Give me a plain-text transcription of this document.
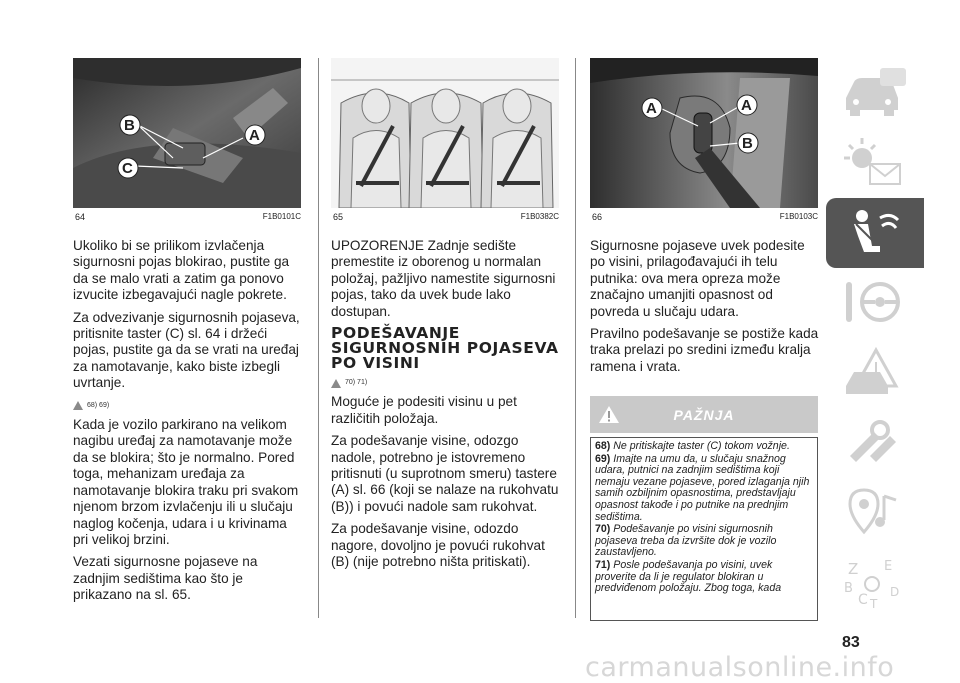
B
A
C
64	F1B0101C

Ukoliko bi se prilikom izvlačenja sigurnosni pojas blokirao, pustite ga da se malo vrati a zatim ga ponovo izvucite izbegavajući nagle pokrete.

Za odvezivanje sigurnosnih pojaseva, pritisnite taster (C) sl. 64 i držeći pojas, pustite ga da se vrati na uređaj za namotavanje, kako biste izbegli uvrtanje.

68) 69)

Kada je vozilo parkirano na velikom nagibu uređaj za namotavanje može da se blokira; što je normalno. Pored toga, mehanizam uređaja za namotavanje blokira traku pri svakom njenom brzom izvlačenju ili u slučaju naglog kočenja, udara i u krivinama pri velikoj brzini.

Vezati sigurnosne pojaseve na zadnjim sedištima kao što je prikazano na sl. 65.

65	F1B0382C

UPOZORENJE Zadnje sedište premestite iz oborenog u normalan položaj, pažljivo namestite sigurnosni pojas, tako da uvek bude lako dostupan.

PODEŠAVANJE SIGURNOSNIH POJASEVA PO VISINI
70) 71)

Moguće je podesiti visinu u pet različitih položaja.

Za podešavanje visine, odozgo nadole, potrebno je istovremeno pritisnuti (u suprotnom smeru) tastere (A) sl. 66 (koji se nalaze na rukohvatu (B)) i povući nadole sam rukohvat.

Za podešavanje visine, odozdo nagore, dovoljno je povući rukohvat (B) (nije potrebno ništa pritiskati).

A	A
B
66	F1B0103C

Sigurnosne pojaseve uvek podesite po visini, prilagođavajući ih telu putnika: ova mera opreza može značajno umanjiti opasnost od povreda u slučaju udara.

Pravilno podešavanje se postiže kada traka prelazi po sredini između kralja ramena i vrata.

PAŽNJA

68) Ne pritiskajte taster (C) tokom vožnje.

69) Imajte na umu da, u slučaju snažnog udara, putnici na zadnjim sedištima koji nemaju vezane pojaseve, pored izlaganja njih samih ozbiljnim opasnostima, predstavljaju opasnost takođe i po putnike na prednjim sedištima.

70) Podešavanje po visini sigurnosnih pojaseva treba da izvršite dok je vozilo zaustavljeno.

71) Posle podešavanja po visini, uvek proverite da li je regulator blokiran u predviđenom položaju. Zbog toga, kada

Z E
B
C T
D
83
carmanualsonline.info
